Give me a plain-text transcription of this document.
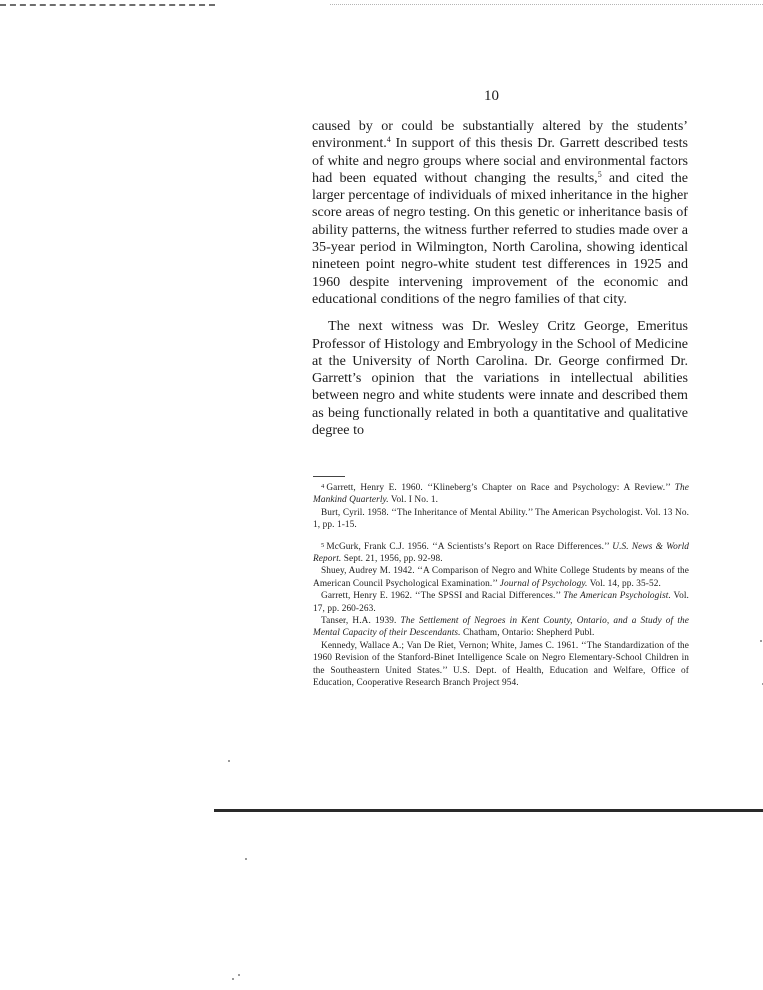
10

caused by or could be substantially altered by the students’ environment.$^4$ In support of this thesis Dr. Garrett described tests of white and negro groups where social and environmental factors had been equated without changing the results,$^5$ and cited the larger percentage of individuals of mixed inheritance in the higher score areas of negro testing. On this genetic or inheritance basis of ability patterns, the witness further referred to studies made over a 35-year period in Wilmington, North Carolina, showing identical nineteen point negro-white student test differences in 1925 and 1960 despite intervening improvement of the economic and educational conditions of the negro families of that city.

The next witness was Dr. Wesley Critz George, Emeritus Professor of Histology and Embryology in the School of Medicine at the University of North Carolina. Dr. George confirmed Dr. Garrett’s opinion that the variations in intellectual abilities between negro and white students were innate and described them as being functionally related in both a quantitative and qualitative degree to

$^4$ Garrett, Henry E. 1960. ‘‘Klineberg’s Chapter on Race and Psychology: A Review.’’ The Mankind Quarterly. Vol. I No. 1.

Burt, Cyril. 1958. ‘‘The Inheritance of Mental Ability.’’ The American Psychologist. Vol. 13 No. 1, pp. 1-15.

$^5$ McGurk, Frank C.J. 1956. ‘‘A Scientists’s Report on Race Differences.’’ U.S. News & World Report. Sept. 21, 1956, pp. 92-98.

Shuey, Audrey M. 1942. ‘‘A Comparison of Negro and White College Students by means of the American Council Psychological Examination.’’ Journal of Psychology. Vol. 14, pp. 35-52.

Garrett, Henry E. 1962. ‘‘The SPSSI and Racial Differences.’’ The American Psychologist. Vol. 17, pp. 260-263.

Tanser, H.A. 1939. The Settlement of Negroes in Kent County, Ontario, and a Study of the Mental Capacity of their Descendants. Chatham, Ontario: Shepherd Publ.

Kennedy, Wallace A.; Van De Riet, Vernon; White, James C. 1961. ‘‘The Standardization of the 1960 Revision of the Stanford-Binet Intelligence Scale on Negro Elementary-School Children in the Southeastern United States.’’ U.S. Dept. of Health, Education and Welfare, Office of Education, Cooperative Research Branch Project 954.
